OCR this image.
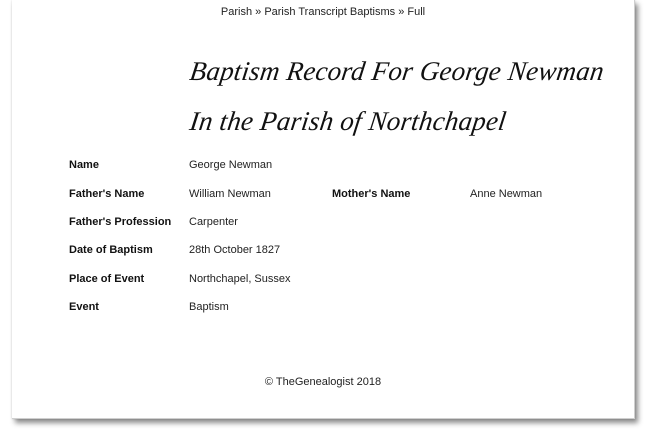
Parish » Parish Transcript Baptisms » Full
Baptism Record For George Newman
In the Parish of Northchapel
Name	George Newman
Father's Name	William Newman	Mother's Name	Anne Newman
Father's Profession Carpenter
Date of Baptism	28th October 1827
Place of Event	Northchapel, Sussex
Event	Baptism
© TheGenealogist 2018
